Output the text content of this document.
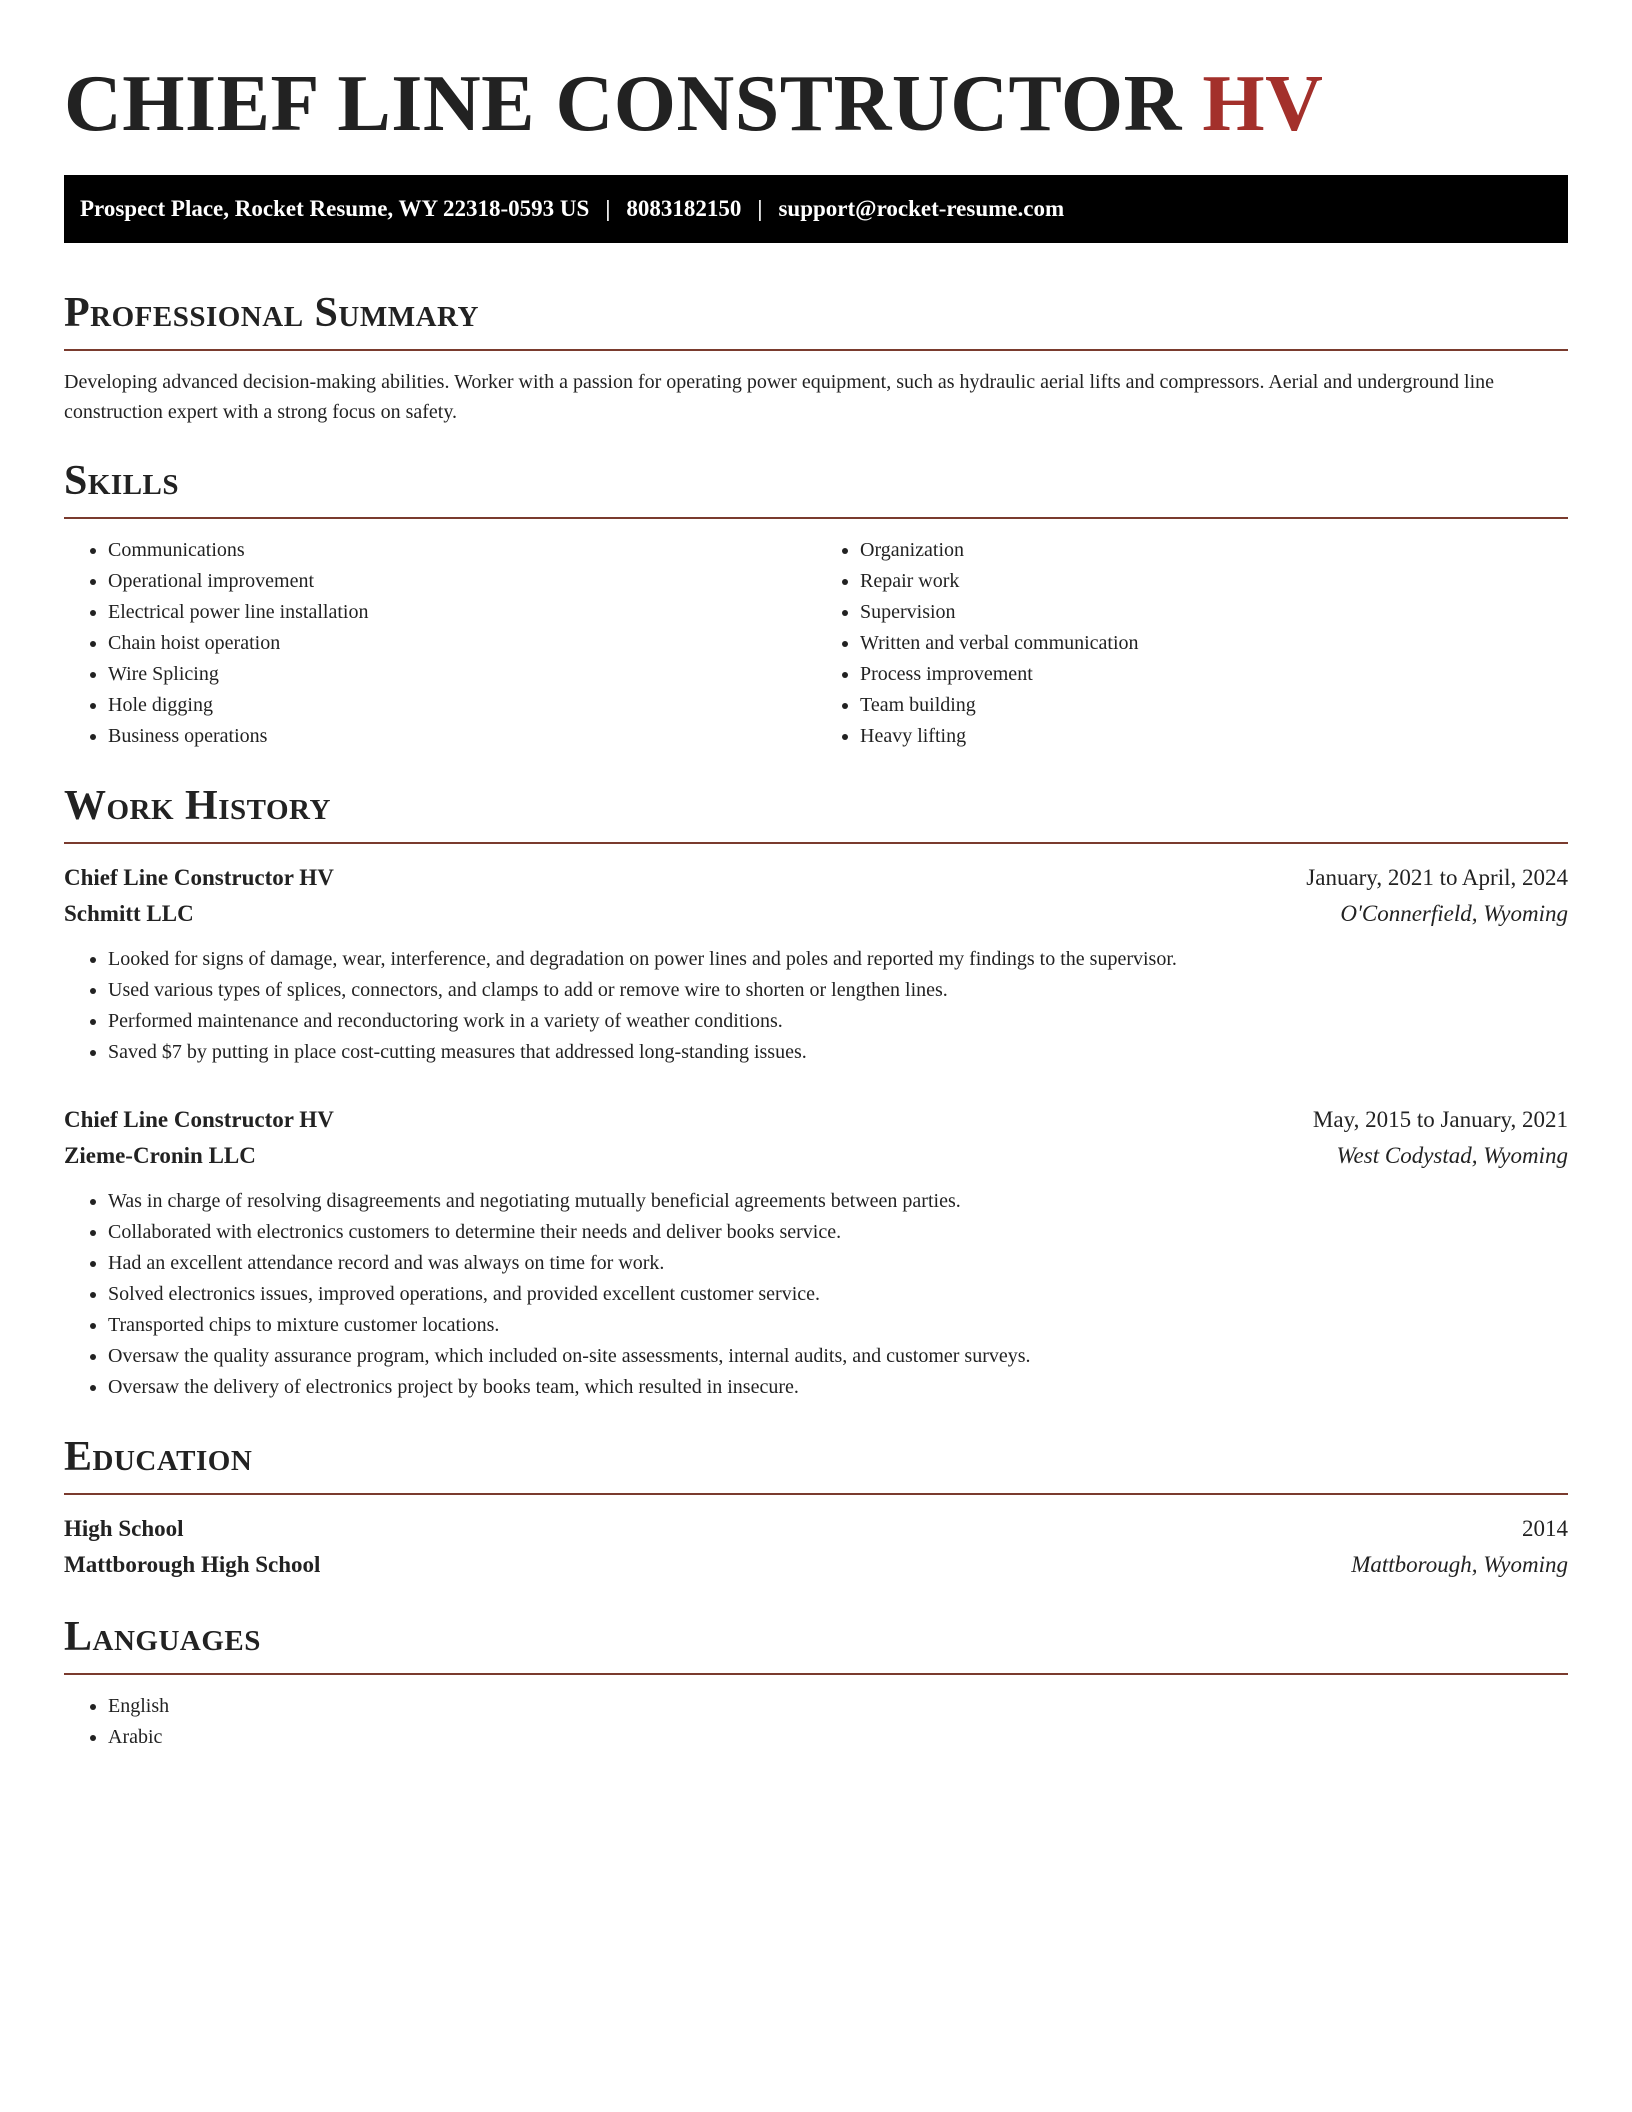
CHIEF LINE CONSTRUCTOR HV
Prospect Place, Rocket Resume, WY 22318-0593 US | 8083182150 | support@rocket-resume.com
Professional Summary

Developing advanced decision-making abilities. Worker with a passion for operating power equipment, such as hydraulic aerial lifts and compressors. Aerial and underground line construction expert with a strong focus on safety.

Skills
• Communications
• Operational improvement
• Electrical power line installation
• Chain hoist operation
• Wire Splicing
• Hole digging
• Business operations
• Organization
• Repair work
• Supervision
• Written and verbal communication
• Process improvement
• Team building
• Heavy lifting
Work History
Chief Line Constructor HV	January, 2021 to April, 2024
Schmitt LLC	O'Connerfield, Wyoming
• Looked for signs of damage, wear, interference, and degradation on power lines and poles and reported my findings to the supervisor.
• Used various types of splices, connectors, and clamps to add or remove wire to shorten or lengthen lines.
• Performed maintenance and reconductoring work in a variety of weather conditions.
• Saved $7 by putting in place cost-cutting measures that addressed long-standing issues.
Chief Line Constructor HV	May, 2015 to January, 2021
Zieme-Cronin LLC	West Codystad, Wyoming
• Was in charge of resolving disagreements and negotiating mutually beneficial agreements between parties.
• Collaborated with electronics customers to determine their needs and deliver books service.
• Had an excellent attendance record and was always on time for work.
• Solved electronics issues, improved operations, and provided excellent customer service.
• Transported chips to mixture customer locations.
• Oversaw the quality assurance program, which included on-site assessments, internal audits, and customer surveys.
• Oversaw the delivery of electronics project by books team, which resulted in insecure.
Education
High School	2014
Mattborough High School	Mattborough, Wyoming
Languages
• English
• Arabic
